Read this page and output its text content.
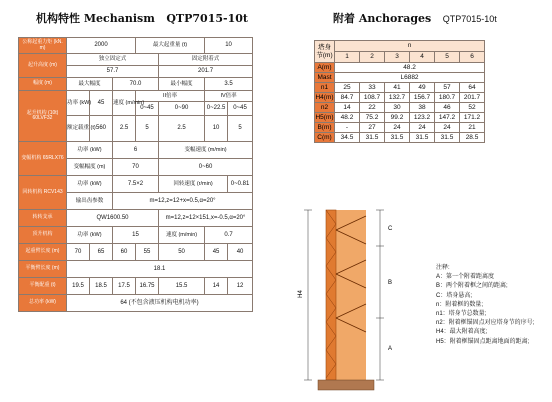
机构特性 Mechanism QTP7015-10t	附着 Anchorages QTP7015-10t
公称起重力矩 (kN. m)	2000			最大起重量 (t)		10	
起升高度 (m)	独立固定式				固定附着式		
	57.7				201.7		
幅度 (m)	最大幅度		70.0		最小幅度	3.5	
起升机构 (10t) 60LVF32	功率 (kW)	45	速度 (m/min)	II倍率		IV倍率	
				0~45	0~90	0~22.5	0~45
	额定载重 (t)	560	2.5	5	2.5	10	5

变幅机构 65RLX76	功率 (kW)		6		变幅速度 (m/min)		
	变幅幅度 (m)		70		0~60		
回转机构 RCV143	功率 (kW)		7.5×2		回转速度 (r/min)		0~0.81
	输出齿参数		m=12,z=12+x=0.5,α=20°				
转转支承	QW1600.50				m=12,z=12×151,x=-0.5,α=20°		
顶升机构	功率 (kW)		15		速度 (m/min)	0.7	
起重臂长度 (m)	70	65	60	55	50	45	40
平衡臂长度 (m)	18.1						
平衡配重 (t)	19.5	18.5	17.5	16.75	15.5	14	12
总功率 (kW)	64 (不包含液压机构电机功率)						
塔身节(m)	n					
	1	2	3	4	5	6
A(m)	48.2					
Mast	L6882					
n1	25	33	41	49	57	64
H4(m)	84.7	108.7	132.7	156.7	180.7	201.7
n2	14	22	30	38	46	52
H5(m)	48.2	75.2	99.2	123.2	147.2	171.2
B(m)	-	27	24	24	24	21
C(m)	34.5	31.5	31.5	31.5	31.5	28.5
H4
C
B
A
注释:
A：第一个附着距离度
B：两个附着框之间的距离;
C：塔身悬高;
n：附着框的数量;
n1：塔身节总数量;
n2：附着框锚固点对应塔身节的序号;
H4：最大附着高度;
H5：附着框锚固点距离地面的距离;
